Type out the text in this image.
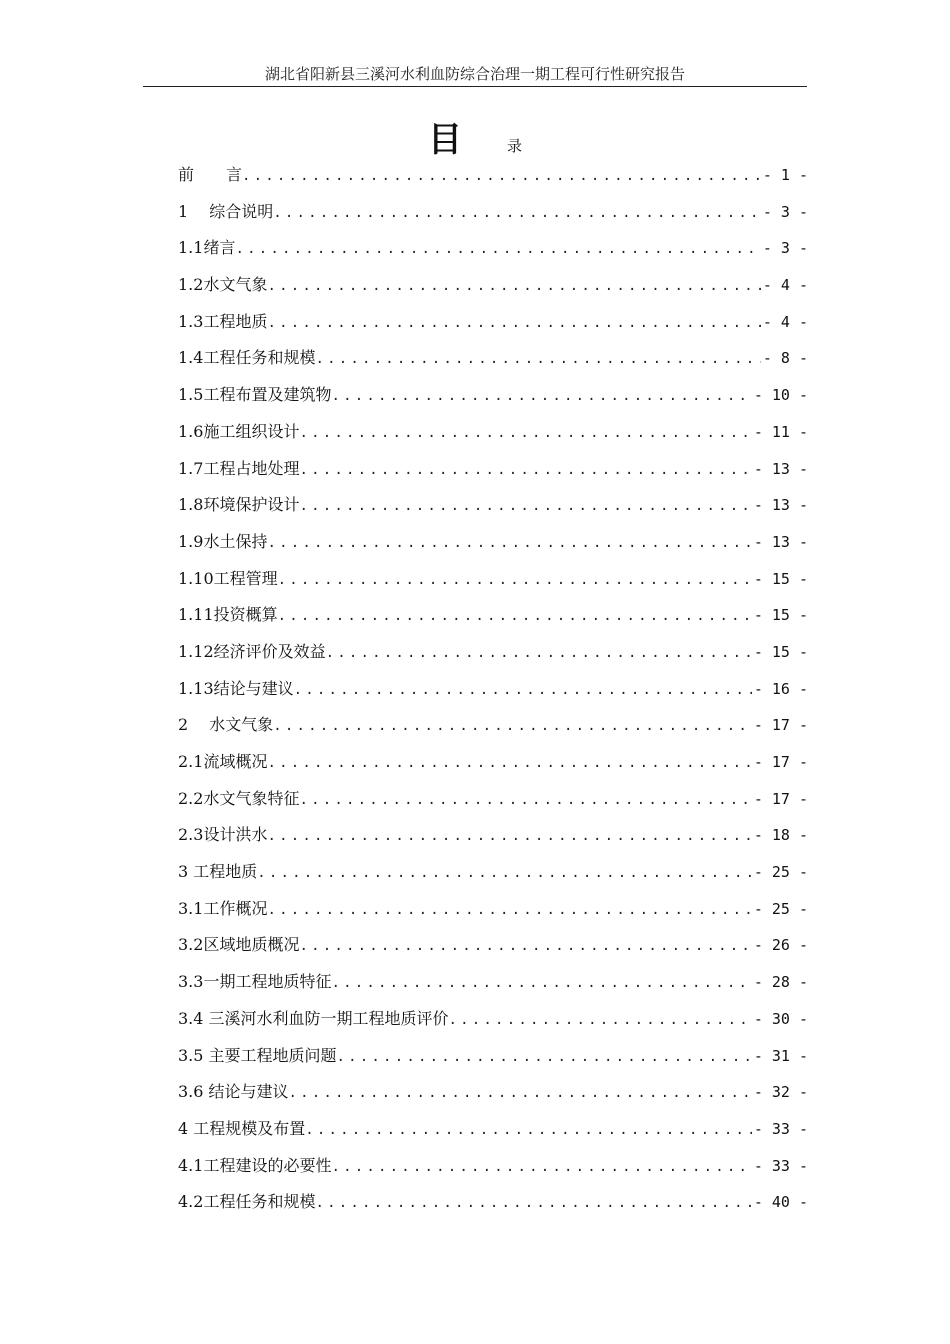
湖北省阳新县三溪河水利血防综合治理一期工程可行性研究报告
目	录
前　　言 .....	- 1 -
1　 综合说明 .....	- 3 -
1.1绪言 .....	- 3 -
1.2水文气象 .....	- 4 -
1.3工程地质 .....	- 4 -
1.4工程任务和规模 .....	- 8 -
1.5工程布置及建筑物 .....	- 10 -
1.6施工组织设计 .....	- 11 -
1.7工程占地处理 .....	- 13 -
1.8环境保护设计 .....	- 13 -
1.9水土保持 .....	- 13 -
1.10工程管理 .....	- 15 -
1.11投资概算 .....	- 15 -
1.12经济评价及效益 .....	- 15 -
1.13结论与建议 .....	- 16 -
2　 水文气象 .....	- 17 -
2.1流域概况 .....	- 17 -
2.2水文气象特征 .....	- 17 -
2.3设计洪水 .....	- 18 -
3 工程地质 .....	- 25 -
3.1工作概况 .....	- 25 -
3.2区域地质概况 .....	- 26 -
3.3一期工程地质特征 .....	- 28 -
3.4 三溪河水利血防一期工程地质评价 .....	- 30 -
3.5 主要工程地质问题 .....	- 31 -
3.6 结论与建议 .....	- 32 -
4 工程规模及布置 .....	- 33 -
4.1工程建设的必要性 .....	- 33 -
4.2工程任务和规模 .....	- 40 -
